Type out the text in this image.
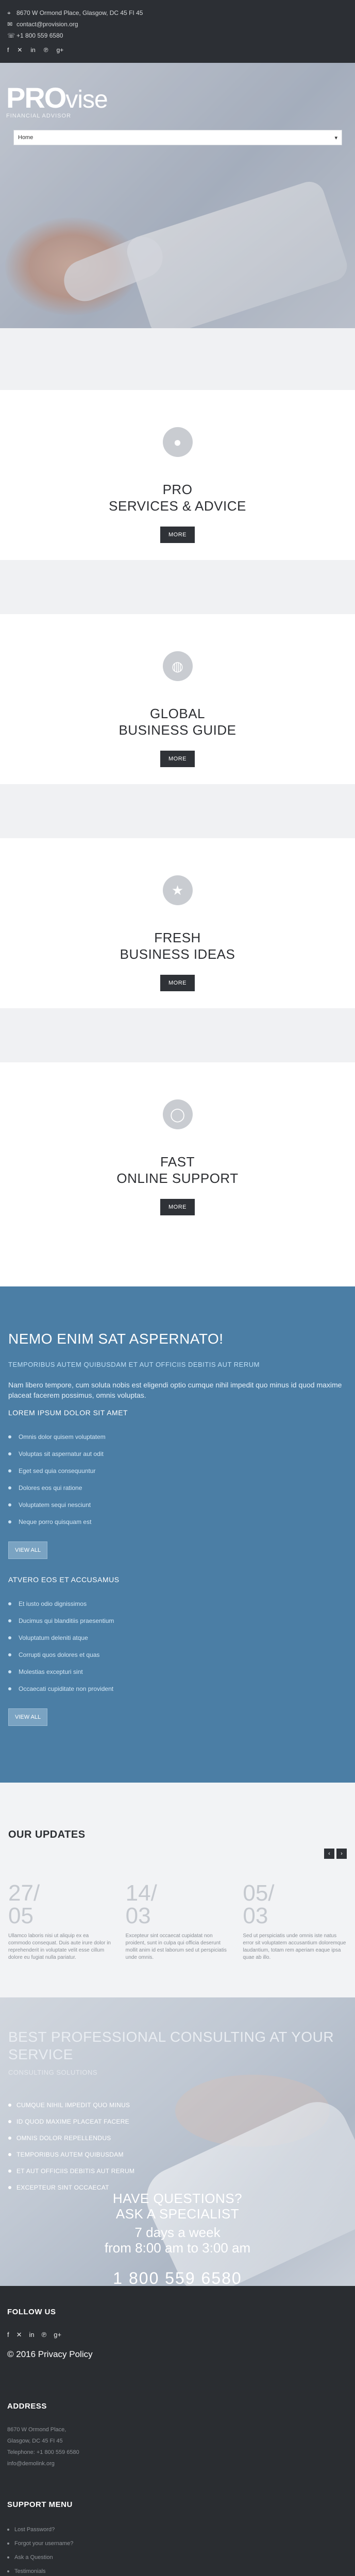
⌖ 8670 W Ormond Place, Glasgow, DC 45 FI 45
✉ contact@provision.org
☏ +1 800 559 6580
f ✕ in ℗ g+
PROvise
FINANCIAL ADVISOR
Home	▾
●
PRO
SERVICES & ADVICE
MORE
◍
GLOBAL
BUSINESS GUIDE
MORE
★
FRESH
BUSINESS IDEAS
MORE
◯
FAST
ONLINE SUPPORT
MORE
NEMO ENIM SAT ASPERNATO!
TEMPORIBUS AUTEM QUIBUSDAM ET AUT OFFICIIS DEBITIS AUT RERUM
Nam libero tempore, cum soluta nobis est eligendi optio cumque nihil impedit quo minus id quod maxime placeat facerem possimus, omnis voluptas.
LOREM IPSUM DOLOR SIT AMET
Omnis dolor quisem voluptatem
Voluptas sit aspernatur aut odit
Eget sed quia consequuntur
Dolores eos qui ratione
Voluptatem sequi nesciunt
Neque porro quisquam est
VIEW ALL
ATVERO EOS ET ACCUSAMUS
Et iusto odio dignissimos
Ducimus qui blanditiis praesentium
Voluptatum deleniti atque
Corrupti quos dolores et quas
Molestias excepturi sint
Occaecati cupiditate non provident
VIEW ALL
OUR UPDATES
‹	›
27/
05

Ullamco laboris nisi ut aliquip ex ea commodo consequat. Duis aute irure dolor in reprehenderit in voluptate velit esse cillum dolore eu fugiat nulla pariatur.

14/
03

Excepteur sint occaecat cupidatat non proident, sunt in culpa qui officia deserunt mollit anim id est laborum sed ut perspiciatis unde omnis.

05/
03

Sed ut perspiciatis unde omnis iste natus error sit voluptatem accusantium doloremque laudantium, totam rem aperiam eaque ipsa quae ab illo.

BEST PROFESSIONAL CONSULTING AT YOUR SERVICE
CONSULTING SOLUTIONS
CUMQUE NIHIL IMPEDIT QUO MINUS
ID QUOD MAXIME PLACEAT FACERE
OMNIS DOLOR REPELLENDUS
TEMPORIBUS AUTEM QUIBUSDAM
ET AUT OFFICIIS DEBITIS AUT RERUM
EXCEPTEUR SINT OCCAECAT
HAVE QUESTIONS?
ASK A SPECIALIST
7 days a week
from 8:00 am to 3:00 am
1 800 559 6580
FOLLOW US
f ✕ in ℗ g+
© 2016 Privacy Policy
ADDRESS
8670 W Ormond Place,
Glasgow, DC 45 FI 45
Telephone: +1 800 559 6580
info@demolink.org
SUPPORT MENU
Lost Password?
Forgot your username?
Ask a Question
Testimonials
